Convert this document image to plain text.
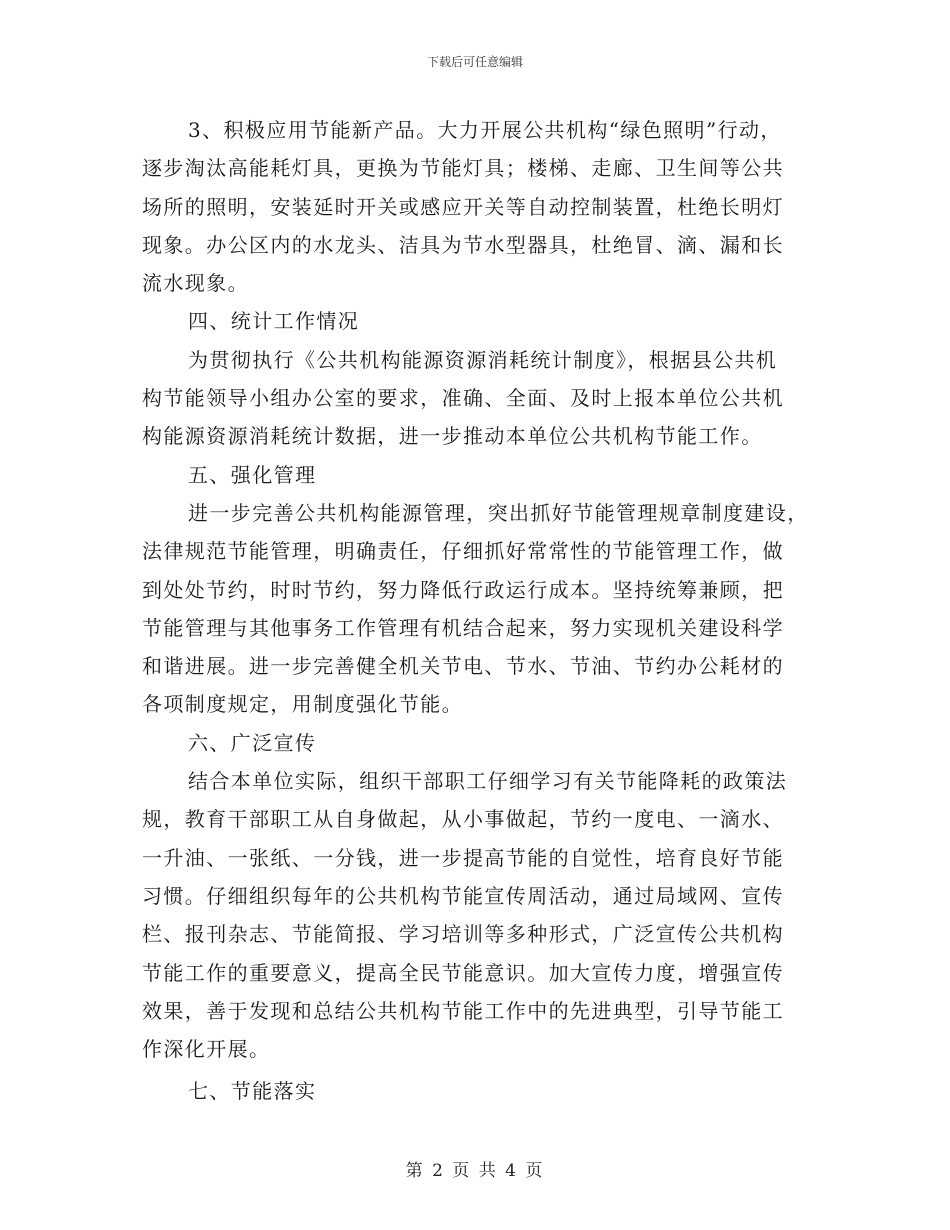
下载后可任意编辑
3、积极应用节能新产品。大力开展公共机构“绿色照明”行动，
逐步淘汰高能耗灯具，更换为节能灯具；楼梯、走廊、卫生间等公共
场所的照明，安装延时开关或感应开关等自动控制装置，杜绝长明灯
现象。办公区内的水龙头、洁具为节水型器具，杜绝冒、滴、漏和长
流水现象。
四、统计工作情况
为贯彻执行《公共机构能源资源消耗统计制度》，根据县公共机
构节能领导小组办公室的要求，准确、全面、及时上报本单位公共机
构能源资源消耗统计数据，进一步推动本单位公共机构节能工作。
五、强化管理
进一步完善公共机构能源管理，突出抓好节能管理规章制度建设，
法律规范节能管理，明确责任，仔细抓好常常性的节能管理工作，做
到处处节约，时时节约，努力降低行政运行成本。坚持统筹兼顾，把
节能管理与其他事务工作管理有机结合起来，努力实现机关建设科学
和谐进展。进一步完善健全机关节电、节水、节油、节约办公耗材的
各项制度规定，用制度强化节能。
六、广泛宣传
结合本单位实际，组织干部职工仔细学习有关节能降耗的政策法
规，教育干部职工从自身做起，从小事做起，节约一度电、一滴水、
一升油、一张纸、一分钱，进一步提高节能的自觉性，培育良好节能
习惯。仔细组织每年的公共机构节能宣传周活动，通过局域网、宣传
栏、报刊杂志、节能简报、学习培训等多种形式，广泛宣传公共机构
节能工作的重要意义，提高全民节能意识。加大宣传力度，增强宣传
效果，善于发现和总结公共机构节能工作中的先进典型，引导节能工
作深化开展。
七、节能落实
第 2 页 共 4 页
